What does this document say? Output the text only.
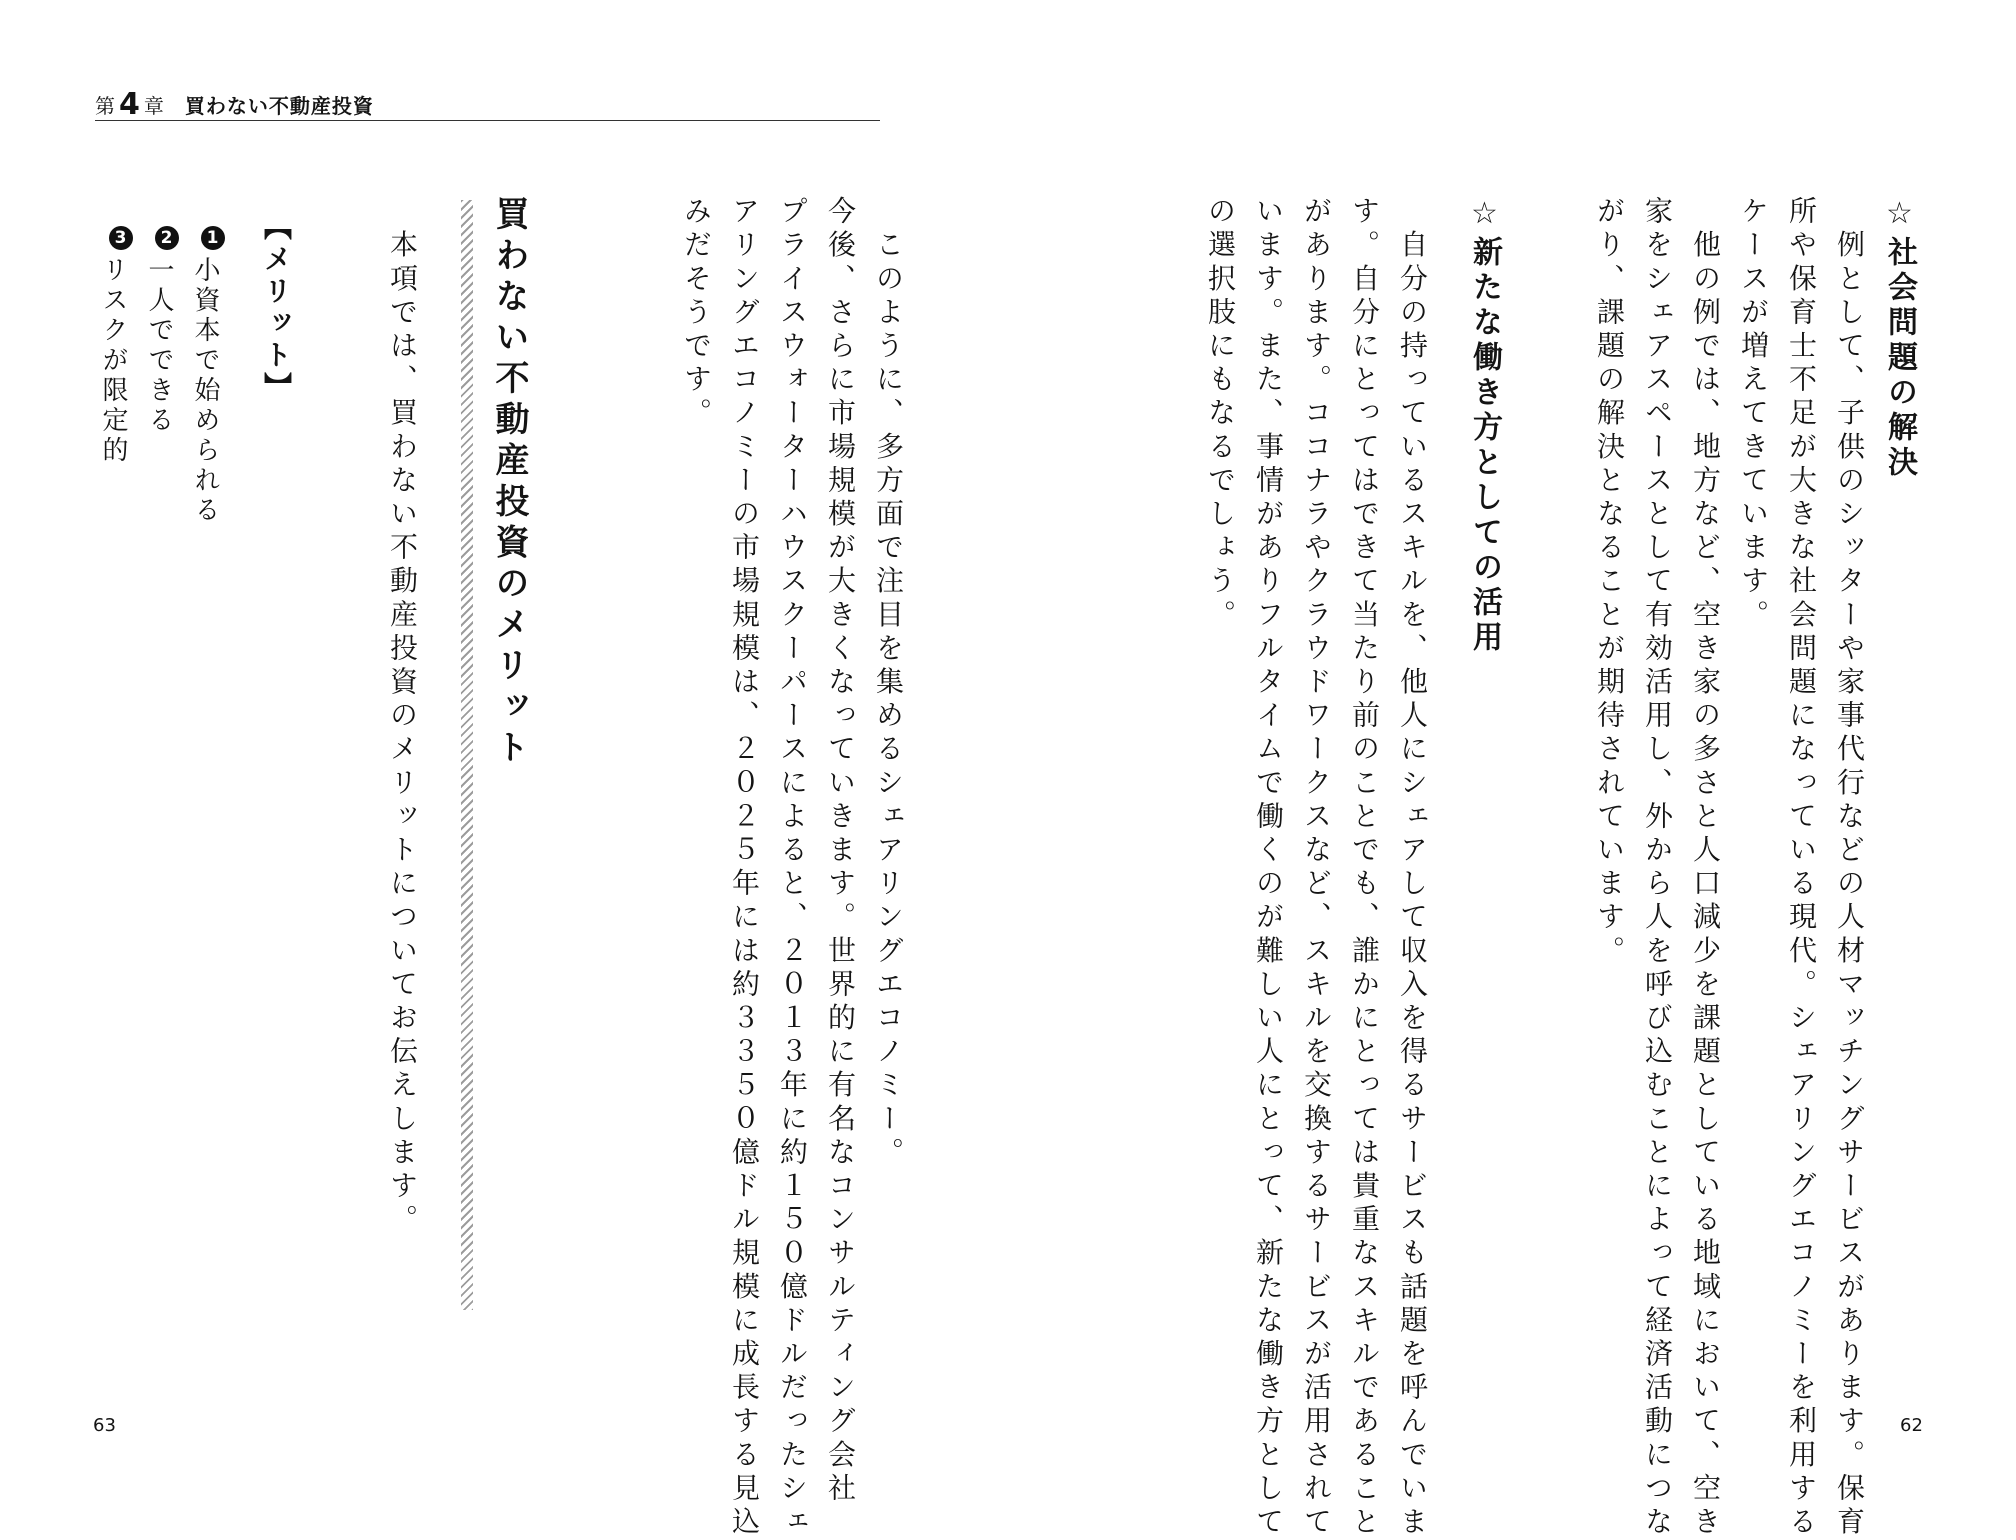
第 4 章 買わない不動産投資
☆社会問題の解決
　例として、子供のシッターや家事代行などの人材マッチングサービスがあります。保育
所や保育士不足が大きな社会問題になっている現代。シェアリングエコノミーを利用する
ケースが増えてきています。
　他の例では、地方など、空き家の多さと人口減少を課題としている地域において、空き
家をシェアスペースとして有効活用し、外から人を呼び込むことによって経済活動につな
がり、課題の解決となることが期待されています。
☆新たな働き方としての活用
　自分の持っているスキルを、他人にシェアして収入を得るサービスも話題を呼んでいま
す。自分にとってはできて当たり前のことでも、誰かにとっては貴重なスキルであること
があります。ココナラやクラウドワークスなど、スキルを交換するサービスが活用されて
います。また、事情がありフルタイムで働くのが難しい人にとって、新たな働き方として
の選択肢にもなるでしょう。
　このように、多方面で注目を集めるシェアリングエコノミー。
今後、さらに市場規模が大きくなっていきます。世界的に有名なコンサルティング会社
プライスウォーターハウスクーパースによると、２０１３年に約１５０億ドルだったシェ
アリングエコノミーの市場規模は、２０２５年には約３３５０億ドル規模に成長する見込
みだそうです。
買わない不動産投資のメリット
　本項では、買わない不動産投資のメリットについてお伝えします。
【メリット】
1小資本で始められる
2一人でできる
3リスクが限定的
63	62
